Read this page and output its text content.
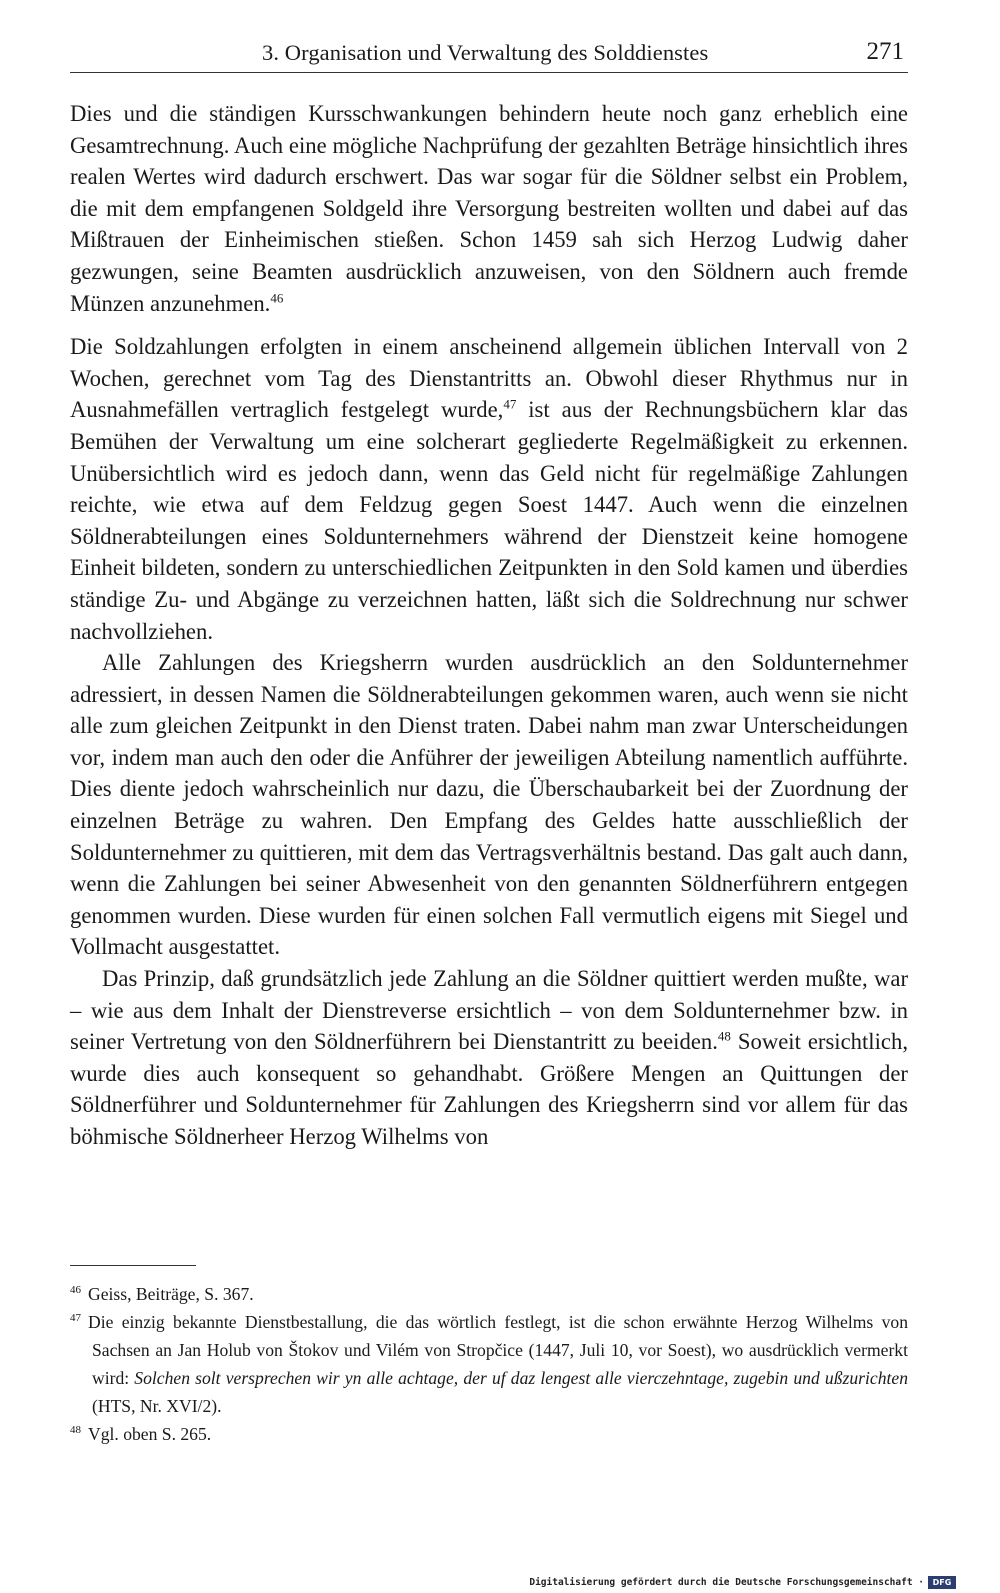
3. Organisation und Verwaltung des Solddienstes	271

Dies und die ständigen Kursschwankungen behindern heute noch ganz erheblich eine Gesamtrechnung. Auch eine mögliche Nachprüfung der gezahlten Beträge hinsichtlich ihres realen Wertes wird dadurch erschwert. Das war sogar für die Söldner selbst ein Problem, die mit dem empfangenen Soldgeld ihre Versorgung bestreiten wollten und dabei auf das Mißtrauen der Einheimischen stießen. Schon 1459 sah sich Herzog Ludwig daher gezwungen, seine Beamten ausdrücklich anzuweisen, von den Söldnern auch fremde Münzen anzunehmen.$^{46}$

Die Soldzahlungen erfolgten in einem anscheinend allgemein üblichen Intervall von 2 Wochen, gerechnet vom Tag des Dienstantritts an. Obwohl dieser Rhythmus nur in Ausnahmefällen vertraglich festgelegt wurde,$^{47}$ ist aus der Rechnungsbüchern klar das Bemühen der Verwaltung um eine solcherart gegliederte Regelmäßigkeit zu erkennen. Unübersichtlich wird es jedoch dann, wenn das Geld nicht für regelmäßige Zahlungen reichte, wie etwa auf dem Feldzug gegen Soest 1447. Auch wenn die einzelnen Söldnerabteilungen eines Soldunternehmers während der Dienstzeit keine homogene Einheit bildeten, sondern zu unterschiedlichen Zeitpunkten in den Sold kamen und überdies ständige Zu- und Abgänge zu verzeichnen hatten, läßt sich die Soldrechnung nur schwer nachvollziehen.

Alle Zahlungen des Kriegsherrn wurden ausdrücklich an den Soldunternehmer adressiert, in dessen Namen die Söldnerabteilungen gekommen waren, auch wenn sie nicht alle zum gleichen Zeitpunkt in den Dienst traten. Dabei nahm man zwar Unterscheidungen vor, indem man auch den oder die Anführer der jeweiligen Abteilung namentlich aufführte. Dies diente jedoch wahrscheinlich nur dazu, die Überschaubarkeit bei der Zuordnung der einzelnen Beträge zu wahren. Den Empfang des Geldes hatte ausschließlich der Soldunternehmer zu quittieren, mit dem das Vertragsverhältnis bestand. Das galt auch dann, wenn die Zahlungen bei seiner Abwesenheit von den genannten Söldnerführern entgegen genommen wurden. Diese wurden für einen solchen Fall vermutlich eigens mit Siegel und Vollmacht ausgestattet.

Das Prinzip, daß grundsätzlich jede Zahlung an die Söldner quittiert werden mußte, war – wie aus dem Inhalt der Dienstreverse ersichtlich – von dem Soldunternehmer bzw. in seiner Vertretung von den Söldnerführern bei Dienstantritt zu beeiden.$^{48}$ Soweit ersichtlich, wurde dies auch konsequent so gehandhabt. Größere Mengen an Quittungen der Söldnerführer und Soldunternehmer für Zahlungen des Kriegsherrn sind vor allem für das böhmische Söldnerheer Herzog Wilhelms von

$^{46}$ Geiss, Beiträge, S. 367.

$^{47}$ Die einzig bekannte Dienstbestallung, die das wörtlich festlegt, ist die schon erwähnte Herzog Wilhelms von Sachsen an Jan Holub von Štokov und Vilém von Stropčice (1447, Juli 10, vor Soest), wo ausdrücklich vermerkt wird: Solchen solt versprechen wir yn alle achtage, der uf daz lengest alle vierczehntage, zugebin und ußzurichten (HTS, Nr. XVI/2).

$^{48}$ Vgl. oben S. 265.

Digitalisierung gefördert durch die Deutsche Forschungsgemeinschaft ·	DFG
